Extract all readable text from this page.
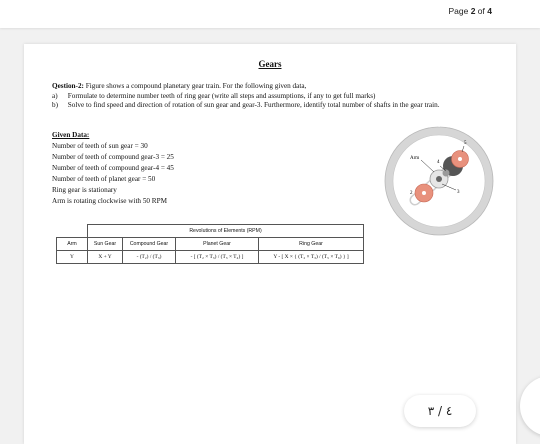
Page 2 of 4
Gears
Qestion-2: Figure shows a compound planetary gear train. For the following given data,
a) Formulate to determine number teeth of ring gear (write all steps and assumptions, if any to get full marks)
b) Solve to find speed and direction of rotation of sun gear and gear-3. Furthermore, identify total number of shafts in the gear train.
Given Data:
Number of teeth of sun gear = 30
Number of teeth of compound gear-3 = 25
Number of teeth of compound gear-4 = 45
Number of teeth of planet gear = 50
Ring gear is stationary
Arm is rotating clockwise with 50 RPM
6
5
4
3
2
Arm
	Revolutions of Elements (RPM)			
Arm	Sun Gear	Compound Gear	Planet Gear	Ring Gear
Y	X + Y	- (T₂) / (T₃)	- [ (T₂ × T₃) / (T₃ × T₄) ]	Y - [ X × { (T₂ × T₃) / (T₅ × T₆) } ]
٤ / ٣
